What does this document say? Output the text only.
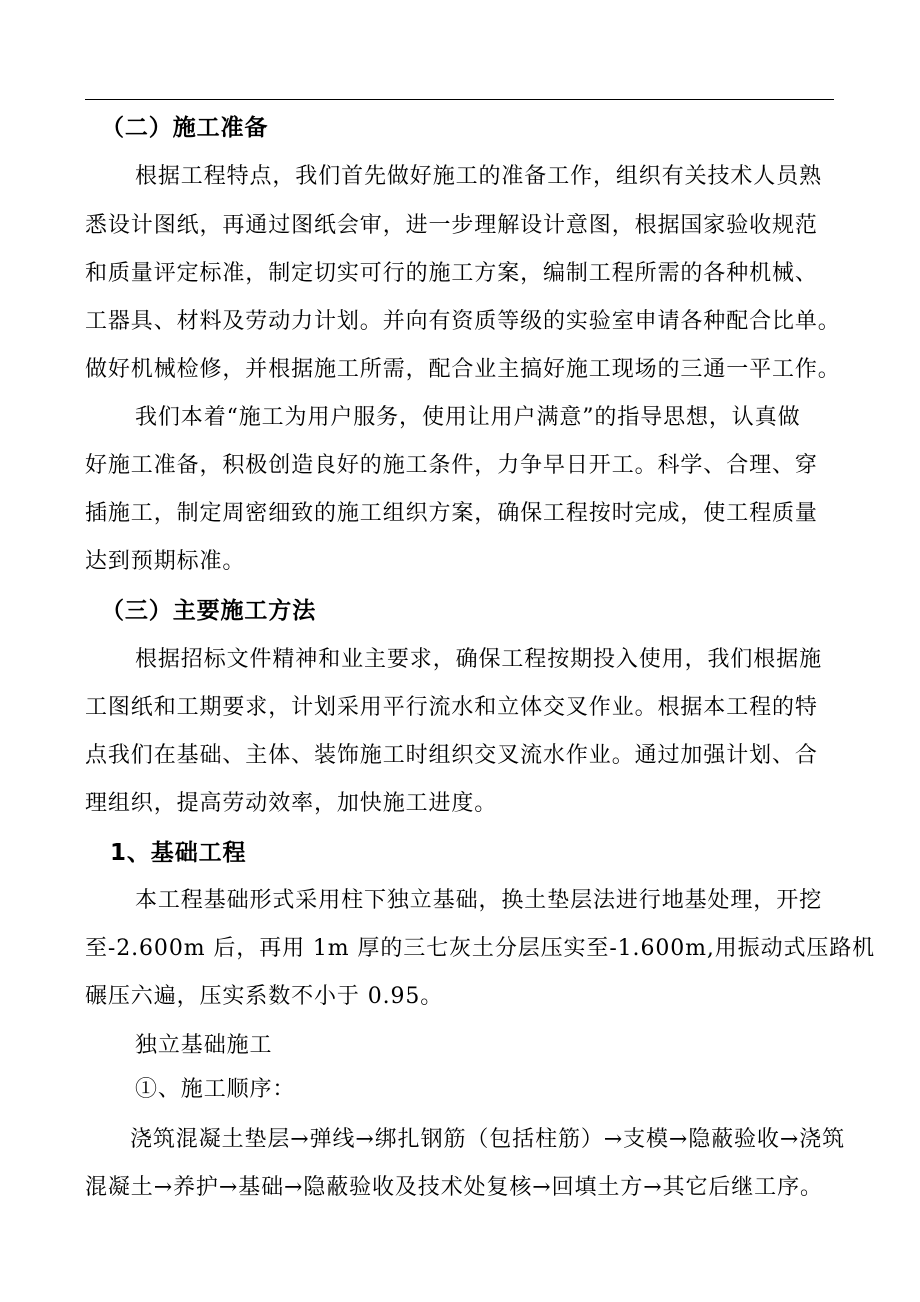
（二）施工准备
根据工程特点，我们首先做好施工的准备工作，组织有关技术人员熟
悉设计图纸，再通过图纸会审，进一步理解设计意图，根据国家验收规范
和质量评定标准，制定切实可行的施工方案，编制工程所需的各种机械、
工器具、材料及劳动力计划。并向有资质等级的实验室申请各种配合比单。
做好机械检修，并根据施工所需，配合业主搞好施工现场的三通一平工作。
我们本着“施工为用户服务，使用让用户满意”的指导思想，认真做
好施工准备，积极创造良好的施工条件，力争早日开工。科学、合理、穿
插施工，制定周密细致的施工组织方案，确保工程按时完成，使工程质量
达到预期标准。
（三）主要施工方法
根据招标文件精神和业主要求，确保工程按期投入使用，我们根据施
工图纸和工期要求，计划采用平行流水和立体交叉作业。根据本工程的特
点我们在基础、主体、装饰施工时组织交叉流水作业。通过加强计划、合
理组织，提高劳动效率，加快施工进度。
1、基础工程
本工程基础形式采用柱下独立基础，换土垫层法进行地基处理，开挖
至-2.600m 后，再用 1m 厚的三七灰土分层压实至-1.600m,用振动式压路机
碾压六遍，压实系数不小于 0.95。
独立基础施工
①、施工顺序：
浇筑混凝土垫层→弹线→绑扎钢筋（包括柱筋）→支模→隐蔽验收→浇筑
混凝土→养护→基础→隐蔽验收及技术处复核→回填土方→其它后继工序。
